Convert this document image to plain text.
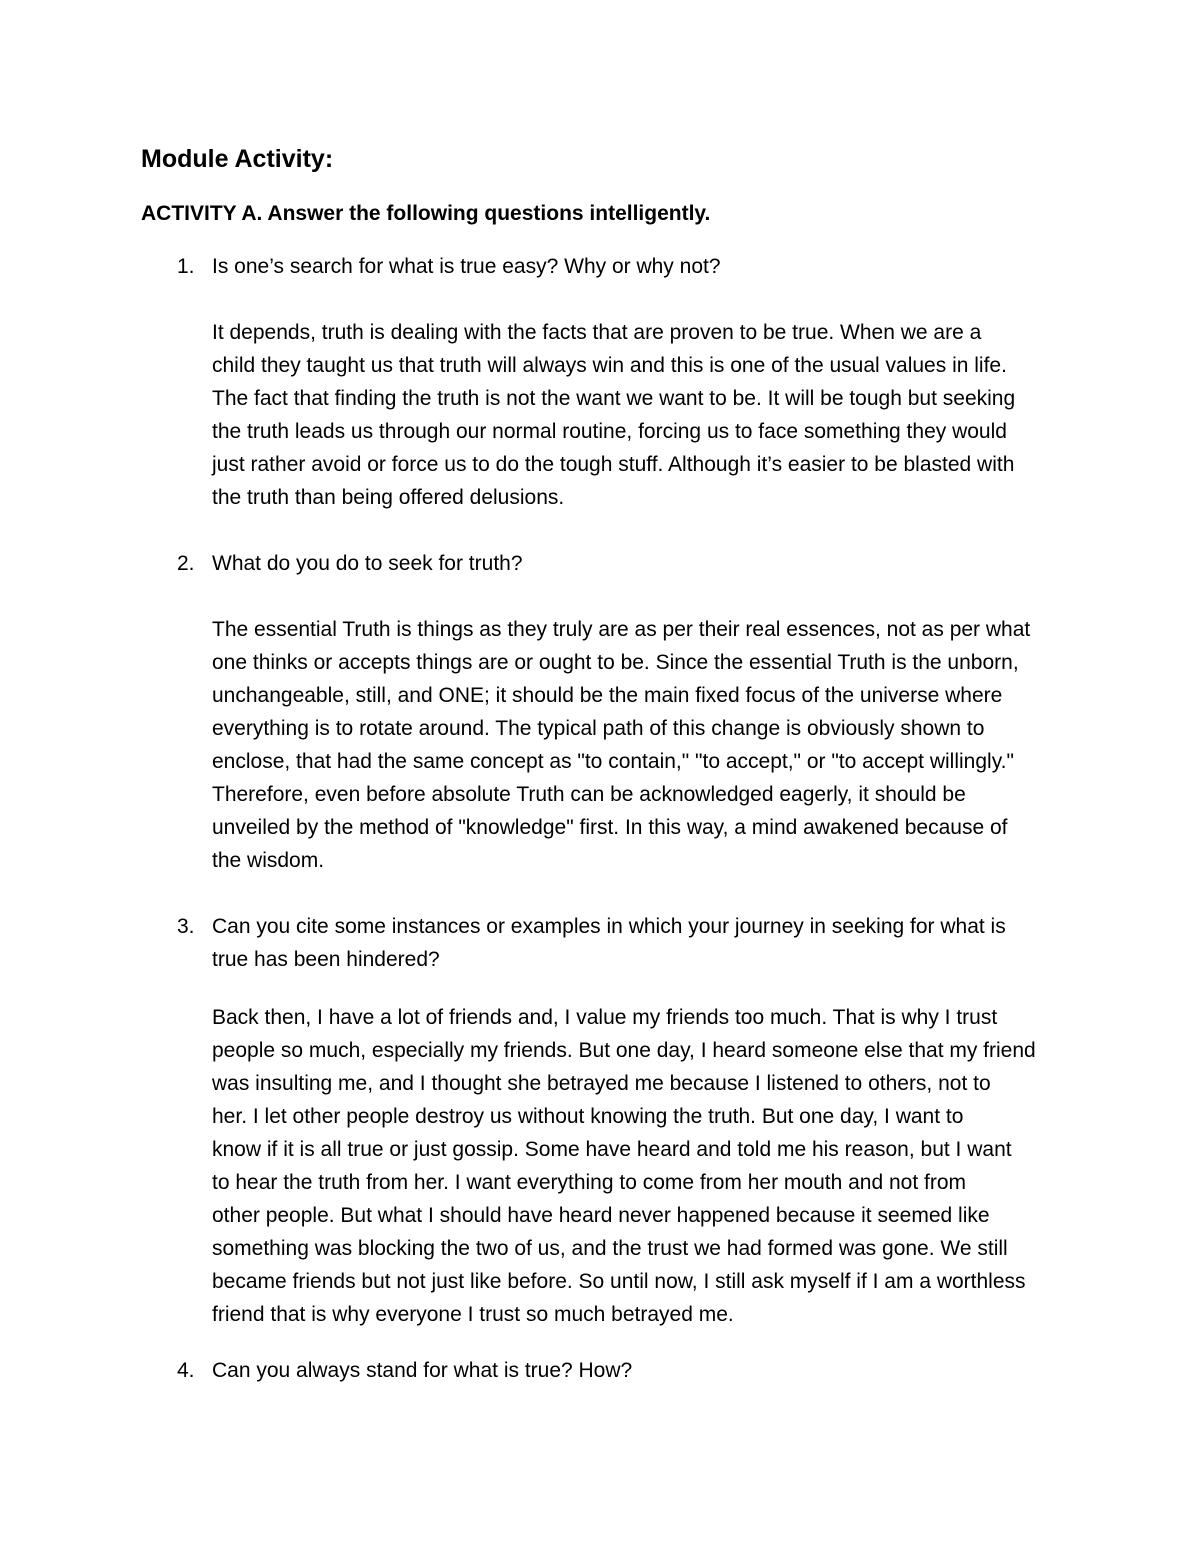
Module Activity:
ACTIVITY A. Answer the following questions intelligently.
1. Is one’s search for what is true easy? Why or why not?
It depends, truth is dealing with the facts that are proven to be true. When we are a
child they taught us that truth will always win and this is one of the usual values in life.
The fact that finding the truth is not the want we want to be. It will be tough but seeking
the truth leads us through our normal routine, forcing us to face something they would
just rather avoid or force us to do the tough stuff. Although it’s easier to be blasted with
the truth than being offered delusions.
2. What do you do to seek for truth?
The essential Truth is things as they truly are as per their real essences, not as per what
one thinks or accepts things are or ought to be. Since the essential Truth is the unborn,
unchangeable, still, and ONE; it should be the main fixed focus of the universe where
everything is to rotate around. The typical path of this change is obviously shown to
enclose, that had the same concept as "to contain," "to accept," or "to accept willingly."
Therefore, even before absolute Truth can be acknowledged eagerly, it should be
unveiled by the method of "knowledge" first. In this way, a mind awakened because of
the wisdom.
3. Can you cite some instances or examples in which your journey in seeking for what is
true has been hindered?
Back then, I have a lot of friends and, I value my friends too much. That is why I trust
people so much, especially my friends. But one day, I heard someone else that my friend
was insulting me, and I thought she betrayed me because I listened to others, not to
her. I let other people destroy us without knowing the truth. But one day, I want to
know if it is all true or just gossip. Some have heard and told me his reason, but I want
to hear the truth from her. I want everything to come from her mouth and not from
other people. But what I should have heard never happened because it seemed like
something was blocking the two of us, and the trust we had formed was gone. We still
became friends but not just like before. So until now, I still ask myself if I am a worthless
friend that is why everyone I trust so much betrayed me.
4. Can you always stand for what is true? How?
